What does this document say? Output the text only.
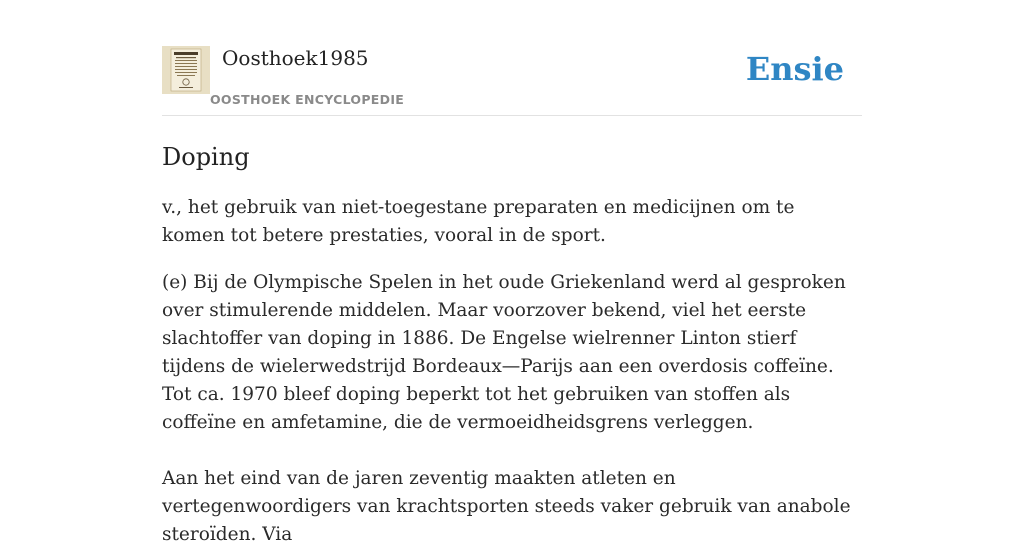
Oosthoek1985
OOSTHOEK ENCYCLOPEDIE
Ensie
Doping

v., het gebruik van niet-toegestane preparaten en medicijnen om te komen tot betere prestaties, vooral in de sport.

(e) Bij de Olympische Spelen in het oude Griekenland werd al gesproken over stimulerende middelen. Maar voorzover bekend, viel het eerste slachtoffer van doping in 1886. De Engelse wielrenner Linton stierf tijdens de wielerwedstrijd Bordeaux—Parijs aan een overdosis coffeïne. Tot ca. 1970 bleef doping beperkt tot het gebruiken van stoffen als coffeïne en amfetamine, die de vermoeidheidsgrens verleggen.

Aan het eind van de jaren zeventig maakten atleten en vertegenwoordigers van krachtsporten steeds vaker gebruik van anabole steroïden. Via
